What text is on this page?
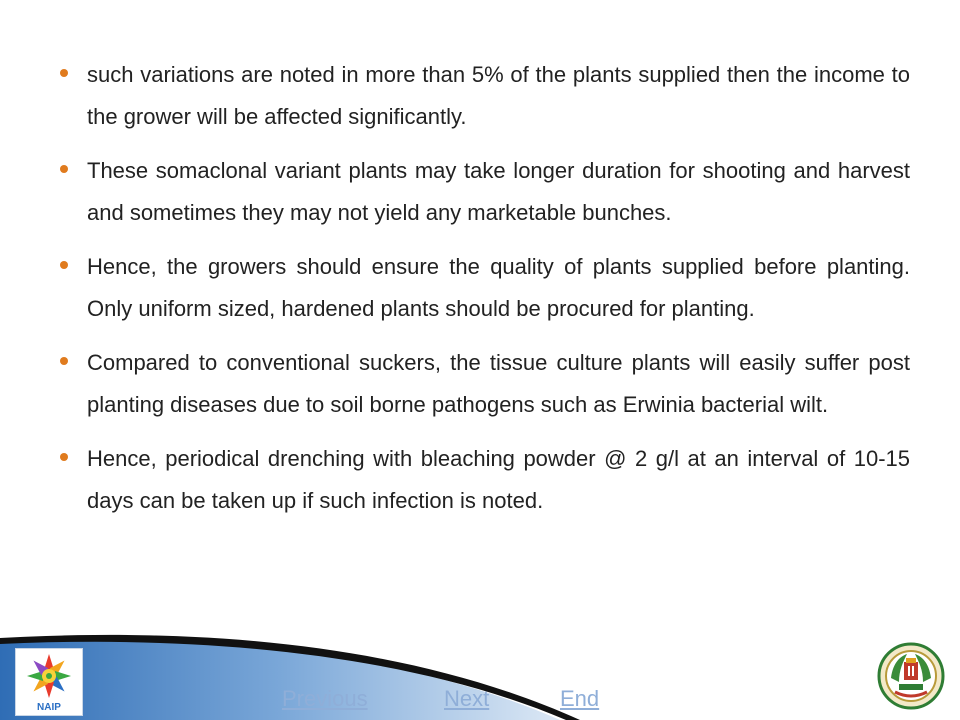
such variations are noted in more than 5% of the plants supplied then the income to the grower will be affected significantly.
These somaclonal variant plants may take longer duration for shooting and harvest and sometimes they may not yield any marketable bunches.
Hence, the growers should ensure the quality of plants supplied before planting. Only uniform sized, hardened plants should be procured for planting.
Compared to conventional suckers, the tissue culture plants will easily suffer post planting diseases due to soil borne pathogens such as Erwinia bacterial wilt.
Hence, periodical drenching with bleaching powder @ 2 g/l at an interval of 10-15 days can be taken up if such infection is noted.
NAIP	Previous	Next	End
